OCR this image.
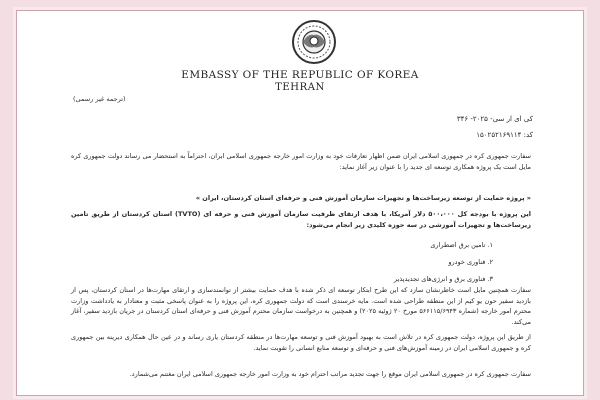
EMBASSY OF THE REPUBLIC OF KOREA
TEHRAN
(ترجمه غیر رسمی)
کی ای ار سی- ۲۰۲۵- ۳۴۶
کد: ۱۵۰۲۵۲۱۶۹۱۱۴
سفارت جمهوری کره در جمهوری اسلامی ایران ضمن اظهار تعارفات خود به وزارت امور خارجه جمهوری اسلامی ایران، احتراماً به استحضار می رساند دولت جمهوری کره مایل است یک پروژه همکاری توسعه ای جدید را با عنوان زیر آغاز نماید:
« پروژه حمایت از توسعه زیرساخت‌ها و تجهیزات سازمان آموزش فنی و حرفه‌ای استان کردستان، ایران »
این پروژه با بودجه کل ۵۰۰،۰۰۰ دلار آمریکا، با هدف ارتقای ظرفیت سازمان آموزش فنی و حرفه ای (TVTO) استان کردستان از طریق تامین زیرساخت‌ها و تجهیزات آموزشی در سه حوزه کلیدی زیر انجام می‌شود:
۱. تامین برق اضطراری
۲. فناوری خودرو
۳. فناوری برق و انرژی‌های تجدیدپذیر
سفارت همچنین مایل است خاطرنشان سازد که این طرح ابتکار توسعه ای ذکر شده با هدف حمایت بیشتر از توانمندسازی و ارتقای مهارت‌ها در استان کردستان، پس از بازدید سفیر حون یو کیم از این منطقه طراحی شده است. مایه خرسندی است که دولت جمهوری کره، این پروژه را به عنوان پاسخی مثبت و معنادار به یادداشت وزارت محترم امور خارجه (شماره ۵۶۶۱۱۵/۶۹۴۳ مورخ ۲۰ ژوئیه ۲۰۲۵) و همچنین به درخواست سازمان محترم آموزش فنی و حرفه‌ای استان کردستان در جریان بازدید سفیر، آغاز می‌کند.
از طریق این پروژه، دولت جمهوری کره در تلاش است به بهبود آموزش فنی و توسعه مهارت‌ها در منطقه کردستان یاری رساند و در عین حال همکاری دیرینه بین جمهوری کره و جمهوری اسلامی ایران در زمینه آموزش‌های فنی و حرفه‌ای و توسعه منابع انسانی را تقویت نماید.
سفارت جمهوری کره در جمهوری اسلامی ایران موقع را جهت تجدید مراتب احترام خود به وزارت امور خارجه جمهوری اسلامی ایران مغتنم می‌شمارد.
